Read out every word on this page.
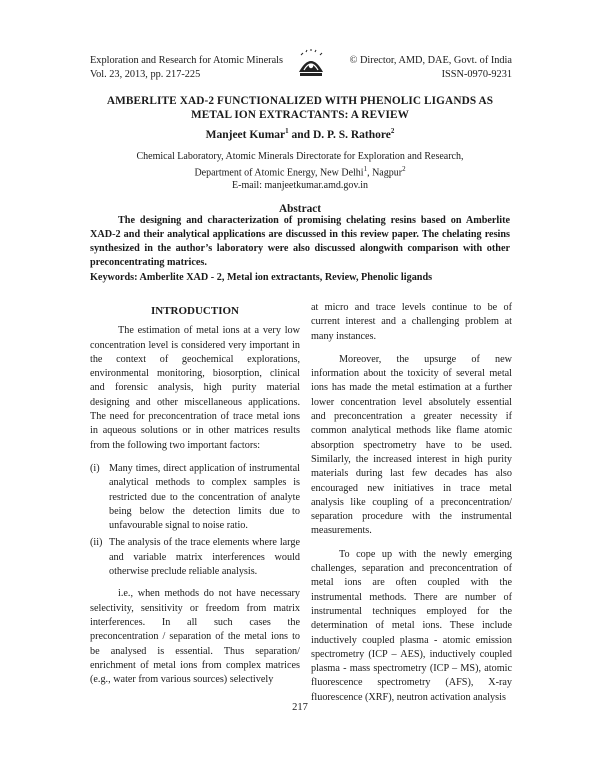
Exploration and Research for Atomic Minerals
Vol. 23, 2013, pp. 217-225
© Director, AMD, DAE, Govt. of India
ISSN-0970-9231
AMBERLITE XAD-2 FUNCTIONALIZED WITH PHENOLIC LIGANDS AS
METAL ION EXTRACTANTS: A REVIEW
Manjeet Kumar$^1$ and D. P. S. Rathore$^2$
Chemical Laboratory, Atomic Minerals Directorate for Exploration and Research,
Department of Atomic Energy, New Delhi$^1$, Nagpur$^2$
E-mail: manjeetkumar.amd.gov.in
Abstract
The designing and characterization of promising chelating resins based on Amberlite XAD-2 and their analytical applications are discussed in this review paper. The chelating resins synthesized in the author’s laboratory were also discussed alongwith comparison with other preconcentrating matrices.
Keywords: Amberlite XAD - 2, Metal ion extractants, Review, Phenolic ligands
INTRODUCTION

The estimation of metal ions at a very low concentration level is considered very important in the context of geochemical explorations, environmental monitoring, biosorption, clinical and forensic analysis, high purity material designing and other miscellaneous applications. The need for preconcentration of trace metal ions in aqueous solutions or in other matrices results from the following two important factors:

(i) Many times, direct application of instrumental analytical methods to complex samples is restricted due to the concentration of analyte being below the detection limits due to unfavourable signal to noise ratio.
(ii) The analysis of the trace elements where large and variable matrix interferences would otherwise preclude reliable analysis.

i.e., when methods do not have necessary selectivity, sensitivity or freedom from matrix interferences. In all such cases the preconcentration / separation of the metal ions to be analysed is essential. Thus separation/ enrichment of metal ions from complex matrices (e.g., water from various sources) selectively

at micro and trace levels continue to be of current interest and a challenging problem at many instances.

Moreover, the upsurge of new information about the toxicity of several metal ions has made the metal estimation at a further lower concentration level absolutely essential and preconcentration a greater necessity if common analytical methods like flame atomic absorption spectrometry have to be used. Similarly, the increased interest in high purity materials during last few decades has also encouraged new initiatives in trace metal analysis like coupling of a preconcentration/ separation procedure with the instrumental measurements.

To cope up with the newly emerging challenges, separation and preconcentration of metal ions are often coupled with the instrumental methods. There are number of instrumental techniques employed for the determination of metal ions. These include inductively coupled plasma - atomic emission spectrometry (ICP – AES), inductively coupled plasma - mass spectrometry (ICP – MS), atomic fluorescence spectrometry (AFS), X-ray fluorescence (XRF), neutron activation analysis

217
